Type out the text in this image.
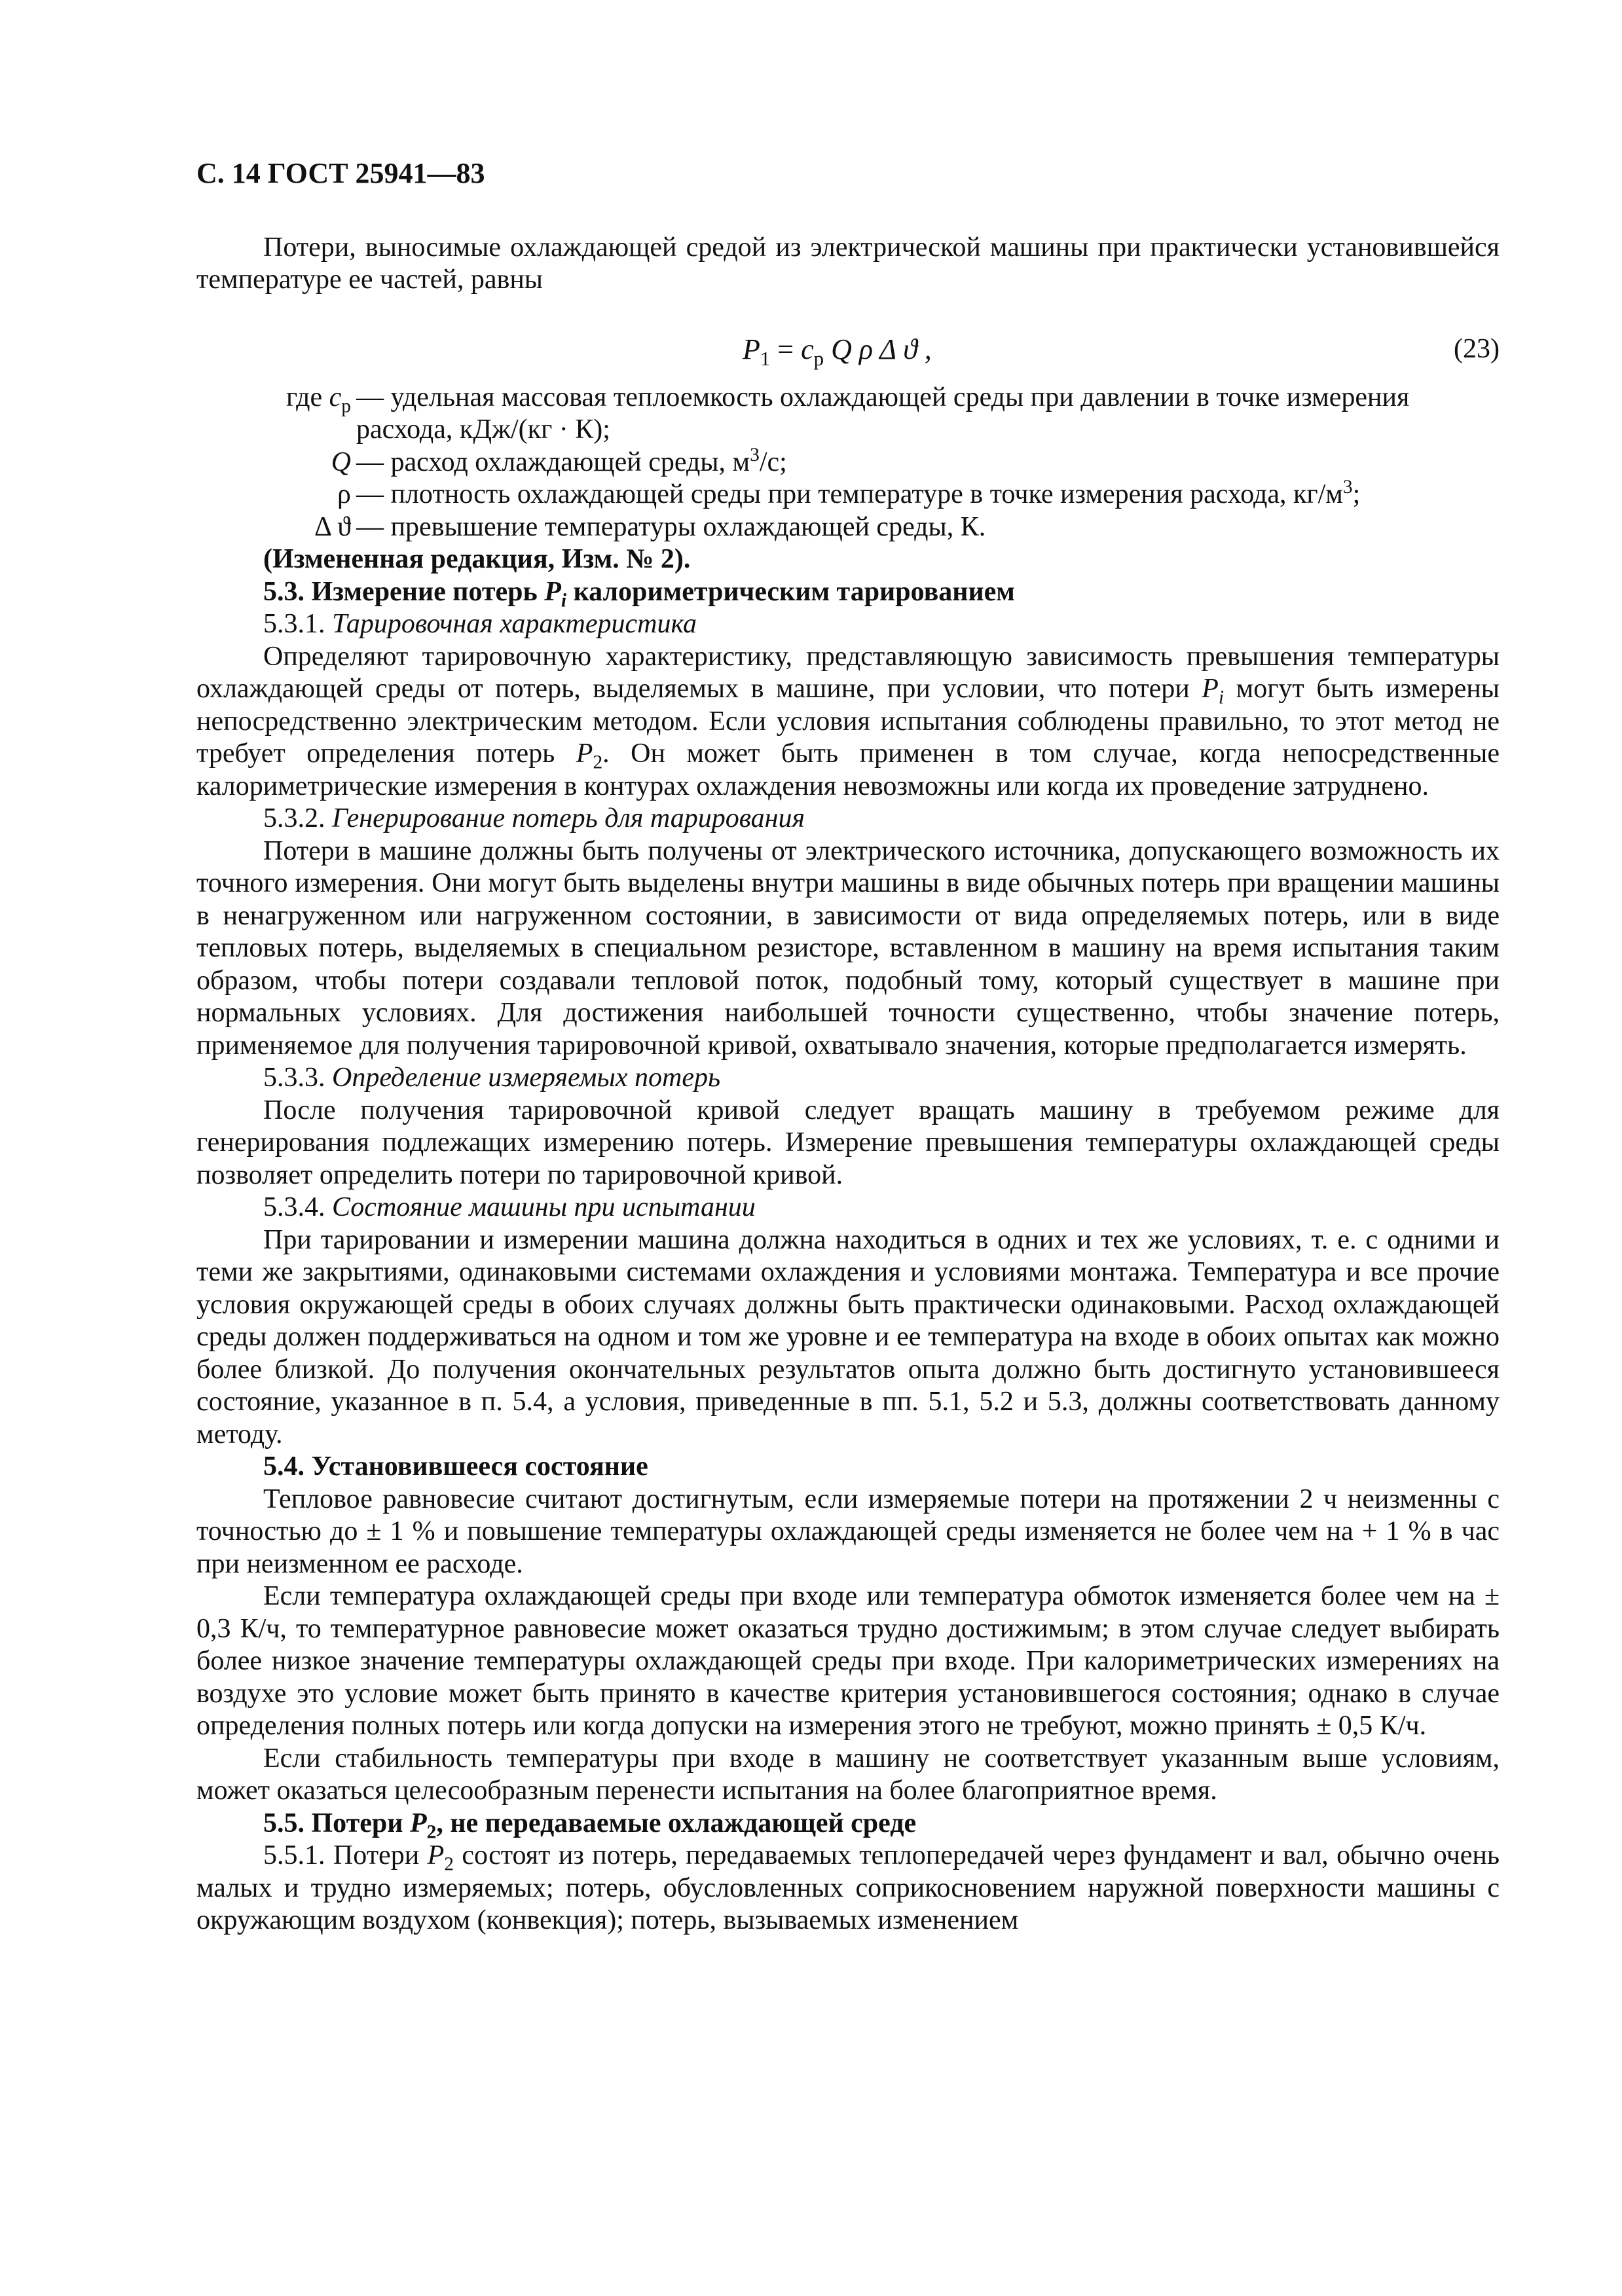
С. 14 ГОСТ 25941—83

Потери, выносимые охлаждающей средой из электрической машины при практически установившейся температуре ее частей, равны

$P_1 = c_p$ Q ρ Δ ϑ ,	(23)
где $c_p$ — удельная массовая теплоемкость охлаждающей среды при давлении в точке измерения
расхода, кДж/(кг · К);
Q — расход охлаждающей среды, $м^3/с$;
ρ — плотность охлаждающей среды при температуре в точке измерения расхода, $кг/м^3$;
Δ ϑ — превышение температуры охлаждающей среды, К.

(Измененная редакция, Изм. № 2).

5.3. Измерение потерь $P_i$ калориметрическим тарированием

5.3.1. Тарировочная характеристика

Определяют тарировочную характеристику, представляющую зависимость превышения температуры охлаждающей среды от потерь, выделяемых в машине, при условии, что потери $P_i$ могут быть измерены непосредственно электрическим методом. Если условия испытания соблюдены правильно, то этот метод не требует определения потерь $P_2$. Он может быть применен в том случае, когда непосредственные калориметрические измерения в контурах охлаждения невозможны или когда их проведение затруднено.

5.3.2. Генерирование потерь для тарирования

Потери в машине должны быть получены от электрического источника, допускающего возможность их точного измерения. Они могут быть выделены внутри машины в виде обычных потерь при вращении машины в ненагруженном или нагруженном состоянии, в зависимости от вида определяемых потерь, или в виде тепловых потерь, выделяемых в специальном резисторе, вставленном в машину на время испытания таким образом, чтобы потери создавали тепловой поток, подобный тому, который существует в машине при нормальных условиях. Для достижения наибольшей точности существенно, чтобы значение потерь, применяемое для получения тарировочной кривой, охватывало значения, которые предполагается измерять.

5.3.3. Определение измеряемых потерь

После получения тарировочной кривой следует вращать машину в требуемом режиме для генерирования подлежащих измерению потерь. Измерение превышения температуры охлаждающей среды позволяет определить потери по тарировочной кривой.

5.3.4. Состояние машины при испытании

При тарировании и измерении машина должна находиться в одних и тех же условиях, т. е. с одними и теми же закрытиями, одинаковыми системами охлаждения и условиями монтажа. Температура и все прочие условия окружающей среды в обоих случаях должны быть практически одинаковыми. Расход охлаждающей среды должен поддерживаться на одном и том же уровне и ее температура на входе в обоих опытах как можно более близкой. До получения окончательных результатов опыта должно быть достигнуто установившееся состояние, указанное в п. 5.4, а условия, приведенные в пп. 5.1, 5.2 и 5.3, должны соответствовать данному методу.

5.4. Установившееся состояние

Тепловое равновесие считают достигнутым, если измеряемые потери на протяжении 2 ч неизменны с точностью до ± 1 % и повышение температуры охлаждающей среды изменяется не более чем на + 1 % в час при неизменном ее расходе.

Если температура охлаждающей среды при входе или температура обмоток изменяется более чем на ± 0,3 К/ч, то температурное равновесие может оказаться трудно достижимым; в этом случае следует выбирать более низкое значение температуры охлаждающей среды при входе. При калориметрических измерениях на воздухе это условие может быть принято в качестве критерия установившегося состояния; однако в случае определения полных потерь или когда допуски на измерения этого не требуют, можно принять ± 0,5 К/ч.

Если стабильность температуры при входе в машину не соответствует указанным выше условиям, может оказаться целесообразным перенести испытания на более благоприятное время.

5.5. Потери $P_2$, не передаваемые охлаждающей среде

5.5.1. Потери $P_2$ состоят из потерь, передаваемых теплопередачей через фундамент и вал, обычно очень малых и трудно измеряемых; потерь, обусловленных соприкосновением наружной поверхности машины с окружающим воздухом (конвекция); потерь, вызываемых изменением
